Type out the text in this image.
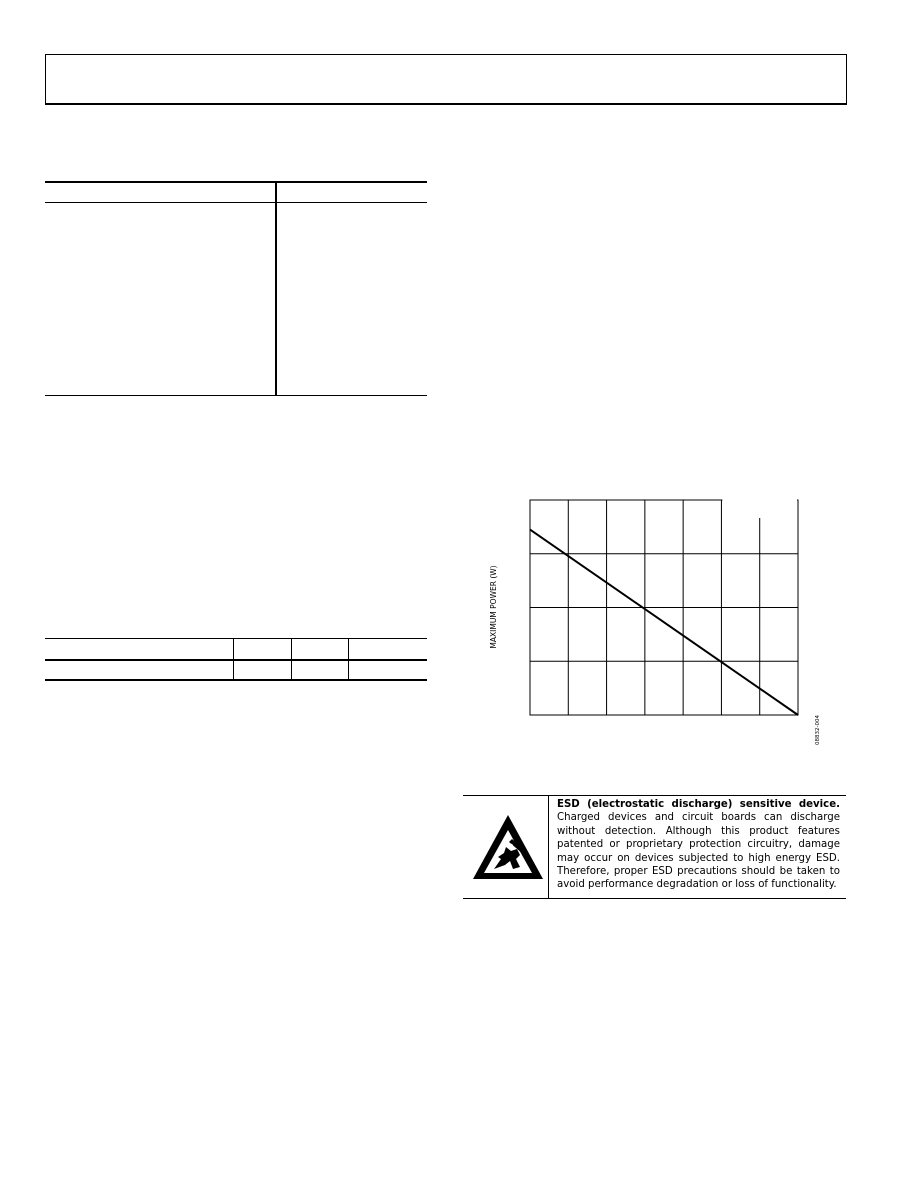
MAXIMUM POWER (W)
08832-004
ESD (electrostatic discharge) sensitive device. Charged devices and circuit boards can discharge without detection. Although this product features patented or proprietary protection circuitry, damage may occur on devices subjected to high energy ESD. Therefore, proper ESD precautions should be taken to avoid performance degradation or loss of functionality.
